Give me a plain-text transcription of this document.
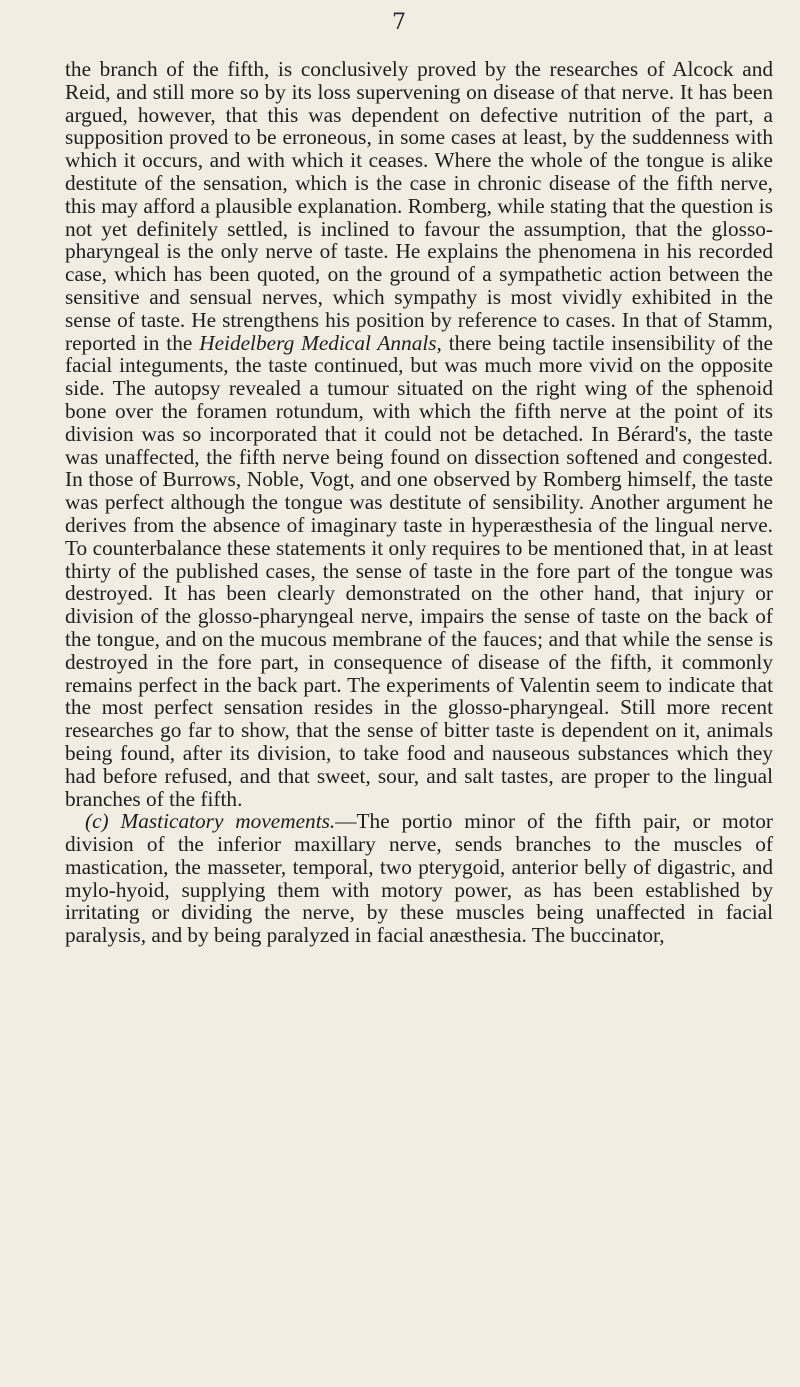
7

the branch of the fifth, is conclusively proved by the researches of Alcock and Reid, and still more so by its loss supervening on disease of that nerve. It has been argued, however, that this was dependent on defective nutrition of the part, a supposition proved to be erroneous, in some cases at least, by the suddenness with which it occurs, and with which it ceases. Where the whole of the tongue is alike destitute of the sensation, which is the case in chronic disease of the fifth nerve, this may afford a plausible explanation. Romberg, while stating that the question is not yet definitely settled, is inclined to favour the assumption, that the glosso-pharyngeal is the only nerve of taste. He explains the phenomena in his recorded case, which has been quoted, on the ground of a sympathetic action between the sensitive and sensual nerves, which sympathy is most vividly exhibited in the sense of taste. He strengthens his position by reference to cases. In that of Stamm, reported in the Heidelberg Medical Annals, there being tactile insensibility of the facial integuments, the taste continued, but was much more vivid on the opposite side. The autopsy revealed a tumour situated on the right wing of the sphenoid bone over the foramen rotundum, with which the fifth nerve at the point of its division was so incorporated that it could not be detached. In Bérard's, the taste was unaffected, the fifth nerve being found on dissection softened and congested. In those of Burrows, Noble, Vogt, and one observed by Romberg himself, the taste was perfect although the tongue was destitute of sensibility. Another argument he derives from the absence of imaginary taste in hyperæsthesia of the lingual nerve. To counterbalance these statements it only requires to be mentioned that, in at least thirty of the published cases, the sense of taste in the fore part of the tongue was destroyed. It has been clearly demonstrated on the other hand, that injury or division of the glosso-pharyngeal nerve, impairs the sense of taste on the back of the tongue, and on the mucous membrane of the fauces; and that while the sense is destroyed in the fore part, in consequence of disease of the fifth, it commonly remains perfect in the back part. The experiments of Valentin seem to indicate that the most perfect sensation resides in the glosso-pharyngeal. Still more recent researches go far to show, that the sense of bitter taste is dependent on it, animals being found, after its division, to take food and nauseous substances which they had before refused, and that sweet, sour, and salt tastes, are proper to the lingual branches of the fifth.

(c) Masticatory movements.—The portio minor of the fifth pair, or motor division of the inferior maxillary nerve, sends branches to the muscles of mastication, the masseter, temporal, two pterygoid, anterior belly of digastric, and mylo-hyoid, supplying them with motory power, as has been established by irritating or dividing the nerve, by these muscles being unaffected in facial paralysis, and by being paralyzed in facial anæsthesia. The buccinator,
